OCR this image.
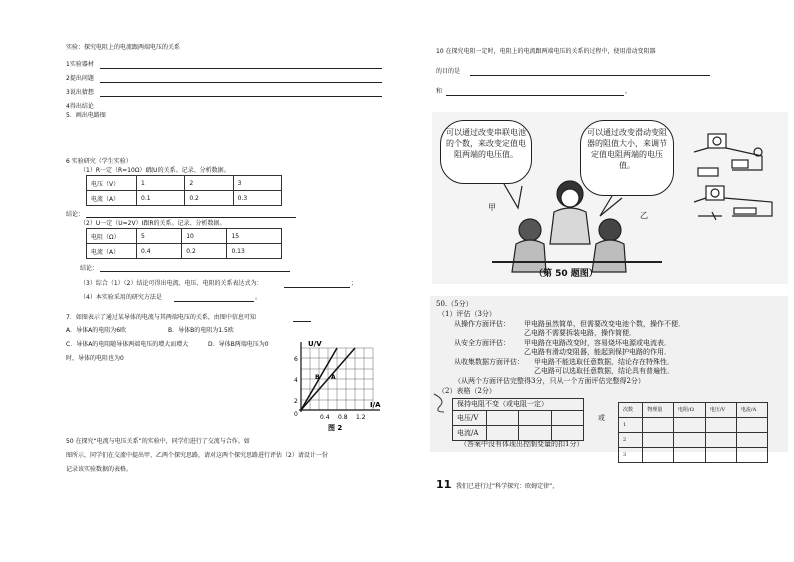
实验：探究电阻上的电流跟两端电压的关系
1实验器材
2提出问题
3说出猜想
4得出结论
5．画出电路图
6 实验研究（学生实验）
（1）R一定（R=10Ω）I跟U的关系。记录、分析数据。
电压（V）	1	2	3
电流（A）	0.1	0.2	0.3
结论：
（2）U一定（U=2V）I跟R的关系。记录、分析数据。
电阻（Ω）	5	10	15
电流（A）	0.4	0.2	0.13
结论：
（3）综合（1）（2）结论可得出电流、电压、电阻的关系表达式为：	；
（4）本实验采用的研究方法是	。
7．如图表示了通过某导体的电流与其两端电压的关系，由图中信息可知
A．导体A的电阻为6欧	B．导体B的电阻为1.5欧
C．导体A的电阻随导体两端电压的增大而增大	D．导体B两端电压为0
时，导体的电阻也为0
U/V
I/A
6
4
2
0	0.4 0.8 1.2
B A
图 2
50 在探究“电流与电压关系”的实验中，同学们进行了交流与合作。如
图所示，同学们在交流中提出甲、乙两个探究思路，请对这两个探究思路进行评估（2）请设计一份
记录该实验数据的表格。
10 在探究电阻一定时，电阻上的电流跟两端电压的关系的过程中，使用滑动变阻器
的目的是
和	。
可以通过改变串联电池的个数，来改变定值电阻两端的电压值。
可以通过改变滑动变阻器的阻值大小，来调节定值电阻两端的电压值。
甲
乙
（第 50 题图）
50.（5分）
（1）评估（3分）
从操作方面评估： 甲电路虽然简单，但需要改变电池个数，操作不便．
乙电路不需要拆装电路，操作简便．
从安全方面评估： 甲电路在电路改变时，容易烧坏电源或电流表．
乙电路有滑动变阻器，能起到保护电路的作用．
从收集数据方面评估： 甲电路不能选取任意数据，结论存在特殊性．
乙电路可以选取任意数据，结论具有普遍性．
（从两个方面评估完整得3分，只从一个方面评估完整得2分）
（2）表格（2分）
保持电阻不变（或电阻一定）			
电压/V			
电流/A			
或
次数	物理量	电阻/Ω	电压/V	电流/A
1				
2				
3				
（答案中没有体现出控制变量的扣1分）
11
．我们已进行过“科学探究：欧姆定律”，
